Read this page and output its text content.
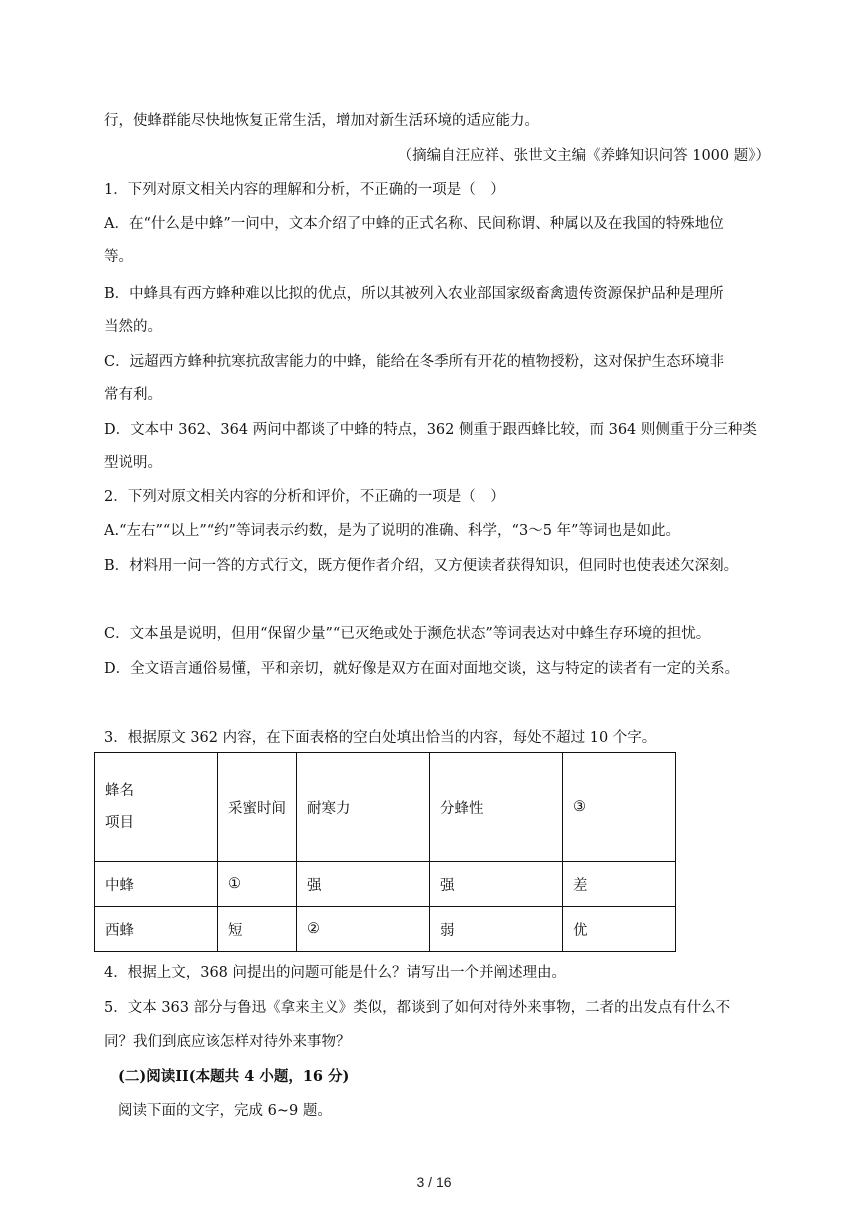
行，使蜂群能尽快地恢复正常生活，增加对新生活环境的适应能力。
（摘编自汪应祥、张世文主编《养蜂知识问答 1000 题》）
1．下列对原文相关内容的理解和分析，不正确的一项是（　）
A．在“什么是中蜂”一问中，文本介绍了中蜂的正式名称、民间称谓、种属以及在我国的特殊地位
等。
B．中蜂具有西方蜂种难以比拟的优点，所以其被列入农业部国家级畜禽遗传资源保护品种是理所
当然的。
C．远超西方蜂种抗寒抗敌害能力的中蜂，能给在冬季所有开花的植物授粉，这对保护生态环境非
常有利。
D．文本中 362、364 两问中都谈了中蜂的特点，362 侧重于跟西蜂比较，而 364 则侧重于分三种类
型说明。
2．下列对原文相关内容的分析和评价，不正确的一项是（　）
A.“左右”“以上”“约”等词表示约数，是为了说明的准确、科学，“3～5 年”等词也是如此。
B．材料用一问一答的方式行文，既方便作者介绍，又方便读者获得知识，但同时也使表述欠深刻。
C．文本虽是说明，但用“保留少量”“已灭绝或处于濒危状态”等词表达对中蜂生存环境的担忧。
D．全文语言通俗易懂，平和亲切，就好像是双方在面对面地交谈，这与特定的读者有一定的关系。
3．根据原文 362 内容，在下面表格的空白处填出恰当的内容，每处不超过 10 个字。
蜂名
项目	采蜜时间	耐寒力	分蜂性	③
中蜂	①	强	强	差
西蜂	短	②	弱	优
4．根据上文，368 问提出的问题可能是什么？请写出一个并阐述理由。
5．文本 363 部分与鲁迅《拿来主义》类似，都谈到了如何对待外来事物，二者的出发点有什么不
同？我们到底应该怎样对待外来事物？
(二)阅读II(本题共 4 小题，16 分)
阅读下面的文字，完成 6~9 题。
3 / 16
